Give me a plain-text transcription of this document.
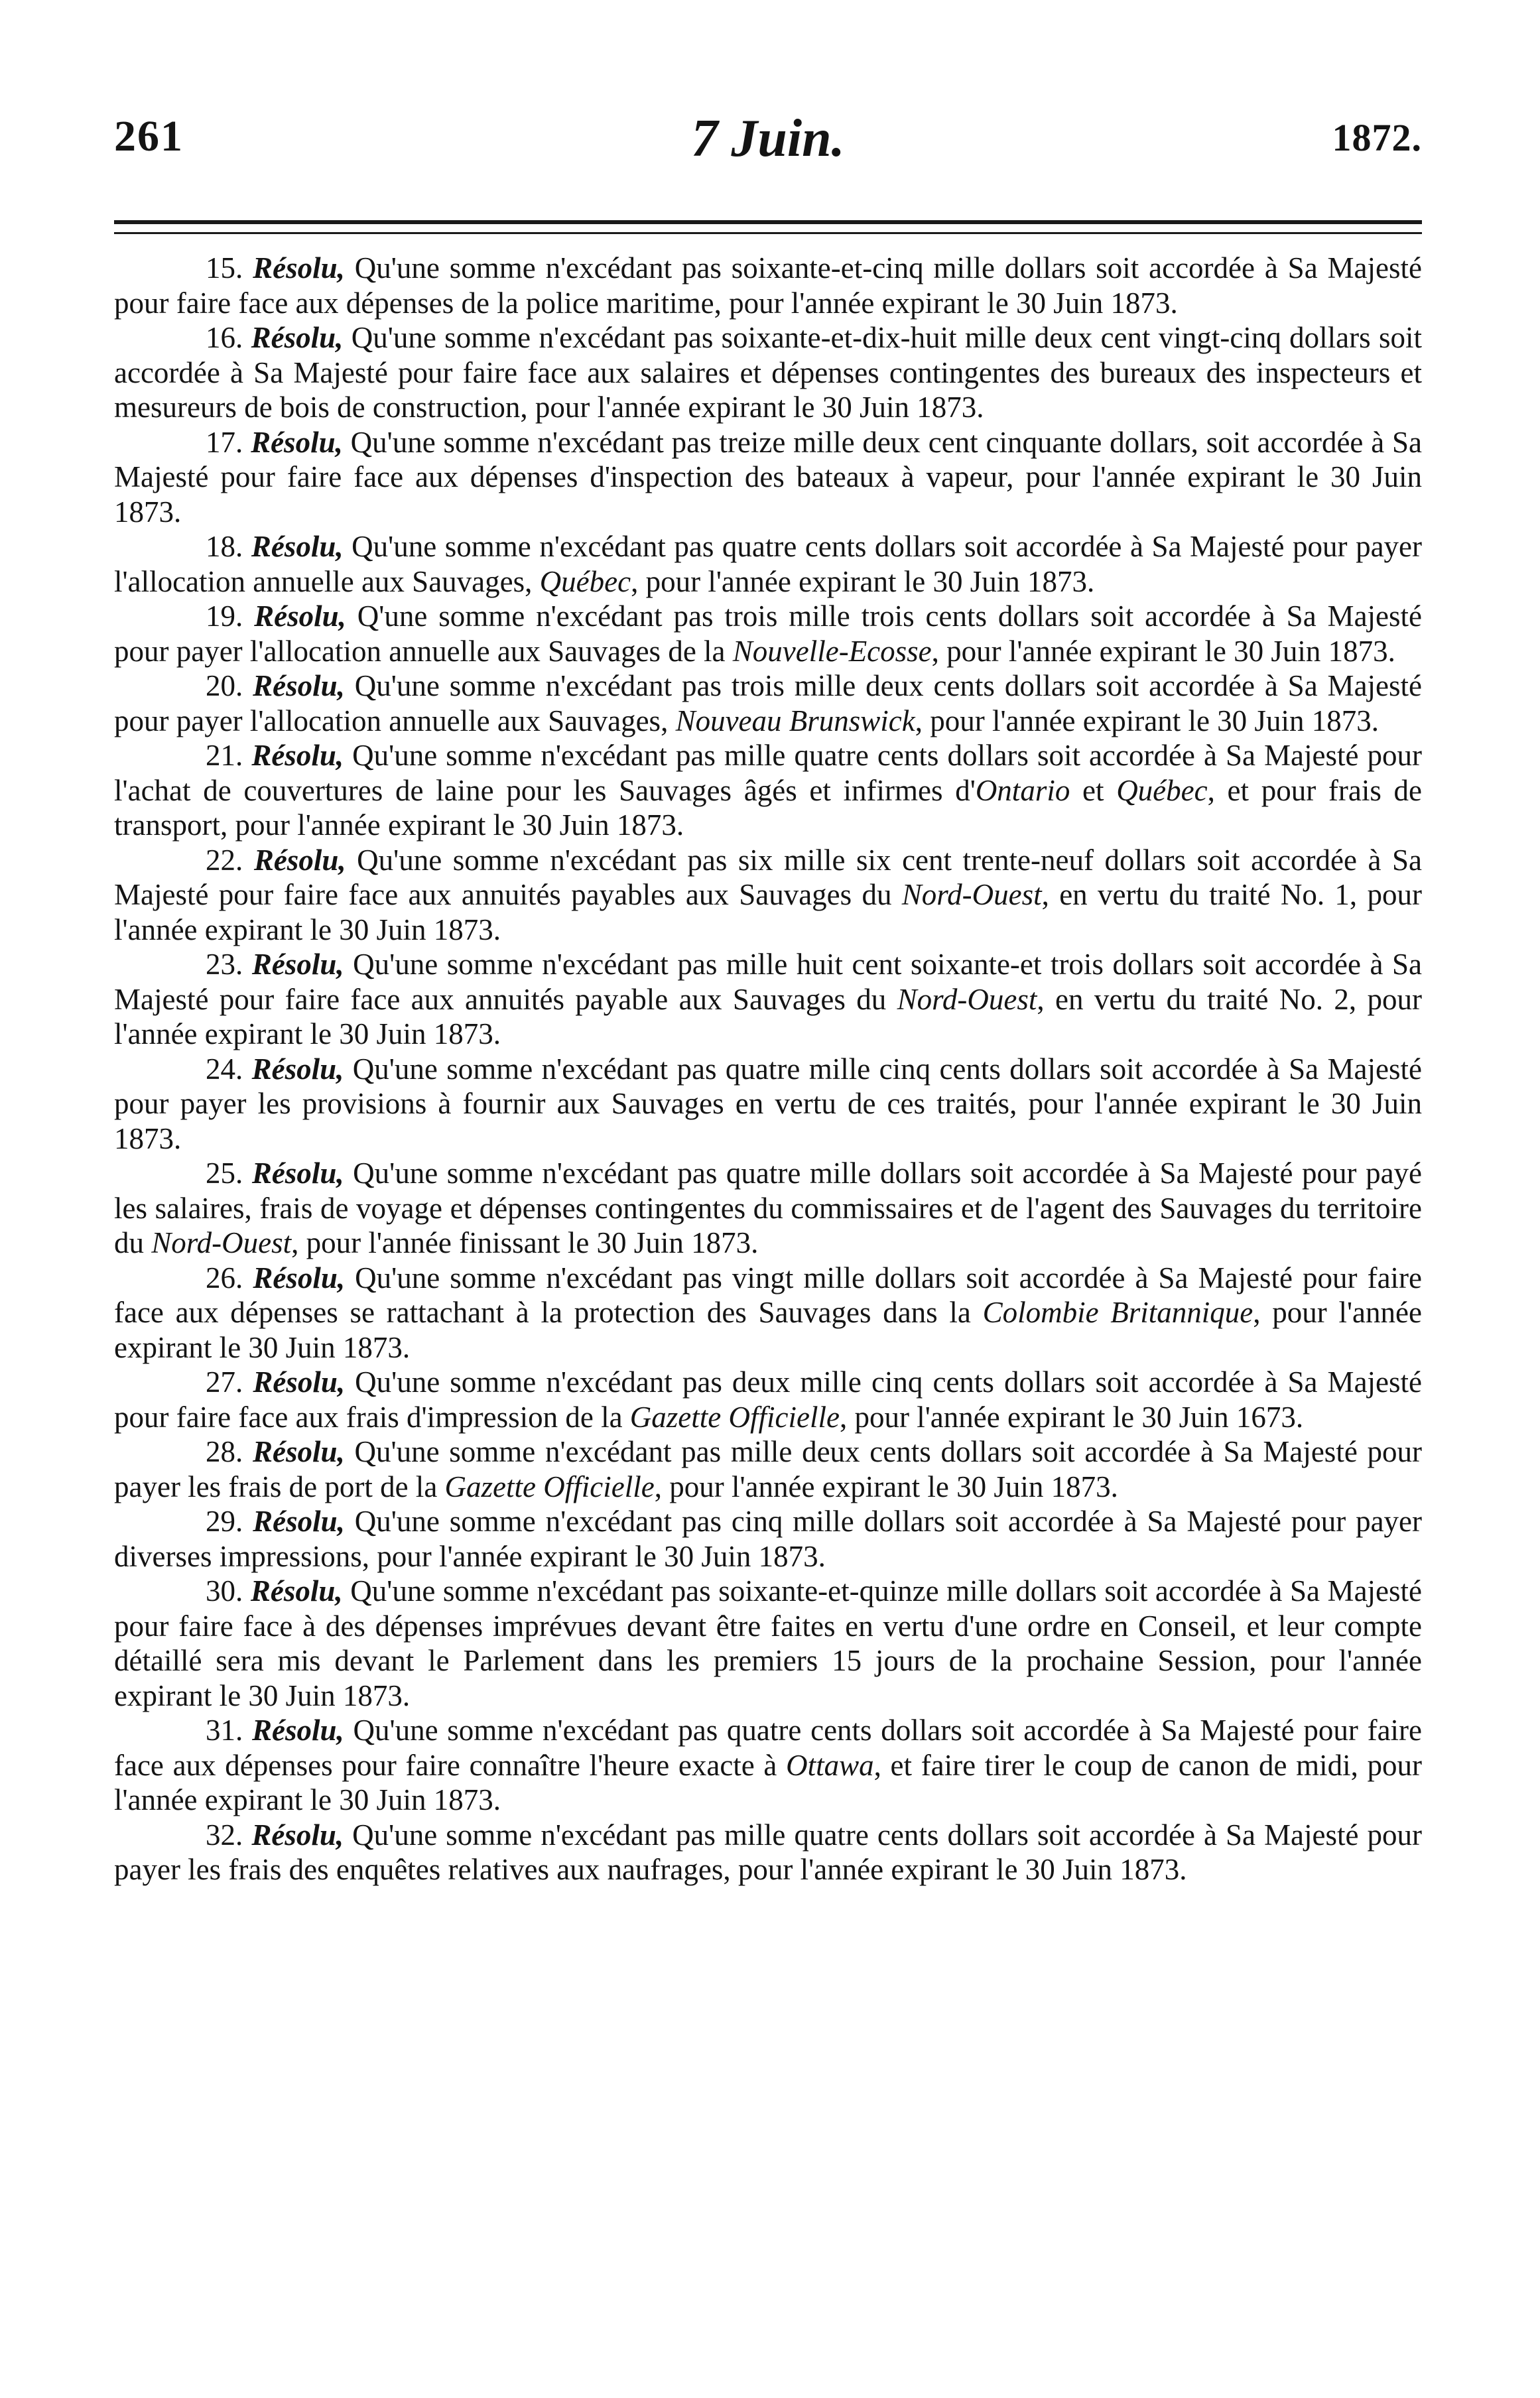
261	7 Juin.	1872.

15. Résolu, Qu'une somme n'excédant pas soixante-et-cinq mille dollars soit accordée à Sa Majesté pour faire face aux dépenses de la police maritime, pour l'année expirant le 30 Juin 1873.

16. Résolu, Qu'une somme n'excédant pas soixante-et-dix-huit mille deux cent vingt-cinq dollars soit accordée à Sa Majesté pour faire face aux salaires et dépenses contingentes des bureaux des inspecteurs et mesureurs de bois de construction, pour l'année expirant le 30 Juin 1873.

17. Résolu, Qu'une somme n'excédant pas treize mille deux cent cinquante dollars, soit accordée à Sa Majesté pour faire face aux dépenses d'inspection des bateaux à vapeur, pour l'année expirant le 30 Juin 1873.

18. Résolu, Qu'une somme n'excédant pas quatre cents dollars soit accordée à Sa Majesté pour payer l'allocation annuelle aux Sauvages, Québec, pour l'année expirant le 30 Juin 1873.

19. Résolu, Q'une somme n'excédant pas trois mille trois cents dollars soit accordée à Sa Majesté pour payer l'allocation annuelle aux Sauvages de la Nouvelle-Ecosse, pour l'année expirant le 30 Juin 1873.

20. Résolu, Qu'une somme n'excédant pas trois mille deux cents dollars soit accordée à Sa Majesté pour payer l'allocation annuelle aux Sauvages, Nouveau Brunswick, pour l'année expirant le 30 Juin 1873.

21. Résolu, Qu'une somme n'excédant pas mille quatre cents dollars soit accordée à Sa Majesté pour l'achat de couvertures de laine pour les Sauvages âgés et infirmes d'Ontario et Québec, et pour frais de transport, pour l'année expirant le 30 Juin 1873.

22. Résolu, Qu'une somme n'excédant pas six mille six cent trente-neuf dollars soit accordée à Sa Majesté pour faire face aux annuités payables aux Sauvages du Nord-Ouest, en vertu du traité No. 1, pour l'année expirant le 30 Juin 1873.

23. Résolu, Qu'une somme n'excédant pas mille huit cent soixante-et trois dollars soit accordée à Sa Majesté pour faire face aux annuités payable aux Sauvages du Nord-Ouest, en vertu du traité No. 2, pour l'année expirant le 30 Juin 1873.

24. Résolu, Qu'une somme n'excédant pas quatre mille cinq cents dollars soit accordée à Sa Majesté pour payer les provisions à fournir aux Sauvages en vertu de ces traités, pour l'année expirant le 30 Juin 1873.

25. Résolu, Qu'une somme n'excédant pas quatre mille dollars soit accordée à Sa Majesté pour payé les salaires, frais de voyage et dépenses contingentes du commissaires et de l'agent des Sauvages du territoire du Nord-Ouest, pour l'année finissant le 30 Juin 1873.

26. Résolu, Qu'une somme n'excédant pas vingt mille dollars soit accordée à Sa Majesté pour faire face aux dépenses se rattachant à la protection des Sauvages dans la Colombie Britannique, pour l'année expirant le 30 Juin 1873.

27. Résolu, Qu'une somme n'excédant pas deux mille cinq cents dollars soit accordée à Sa Majesté pour faire face aux frais d'impression de la Gazette Officielle, pour l'année expirant le 30 Juin 1673.

28. Résolu, Qu'une somme n'excédant pas mille deux cents dollars soit accordée à Sa Majesté pour payer les frais de port de la Gazette Officielle, pour l'année expirant le 30 Juin 1873.

29. Résolu, Qu'une somme n'excédant pas cinq mille dollars soit accordée à Sa Majesté pour payer diverses impressions, pour l'année expirant le 30 Juin 1873.

30. Résolu, Qu'une somme n'excédant pas soixante-et-quinze mille dollars soit accordée à Sa Majesté pour faire face à des dépenses imprévues devant être faites en vertu d'une ordre en Conseil, et leur compte détaillé sera mis devant le Parlement dans les premiers 15 jours de la prochaine Session, pour l'année expirant le 30 Juin 1873.

31. Résolu, Qu'une somme n'excédant pas quatre cents dollars soit accordée à Sa Majesté pour faire face aux dépenses pour faire connaître l'heure exacte à Ottawa, et faire tirer le coup de canon de midi, pour l'année expirant le 30 Juin 1873.

32. Résolu, Qu'une somme n'excédant pas mille quatre cents dollars soit accordée à Sa Majesté pour payer les frais des enquêtes relatives aux naufrages, pour l'année expirant le 30 Juin 1873.
